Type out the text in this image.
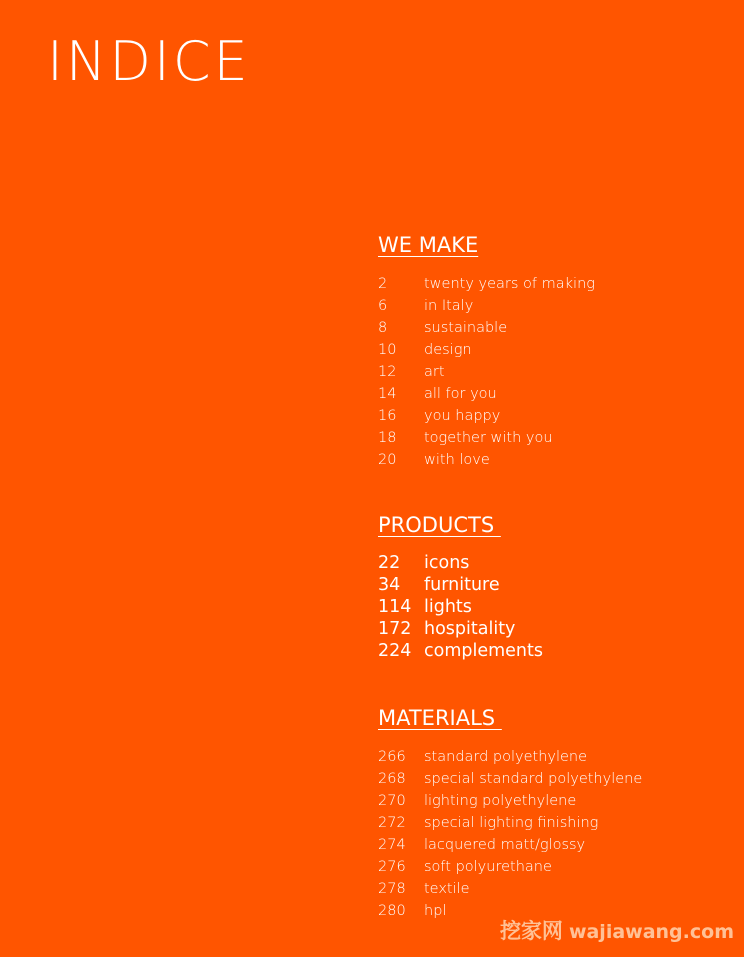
INDICE
WE MAKE
2	twenty years of making
6	in Italy
8	sustainable
10	design
12	art
14	all for you
16	you happy
18	together with you
20	with love
PRODUCTS
22	icons
34	furniture
114 lights
172 hospitality
224 complements
MATERIALS
266	standard polyethylene
268	special standard polyethylene
270	lighting polyethylene
272	special lighting finishing
274	lacquered matt/glossy
276	soft polyurethane
278	textile
280	hpl
挖家网 wajiawang.com
